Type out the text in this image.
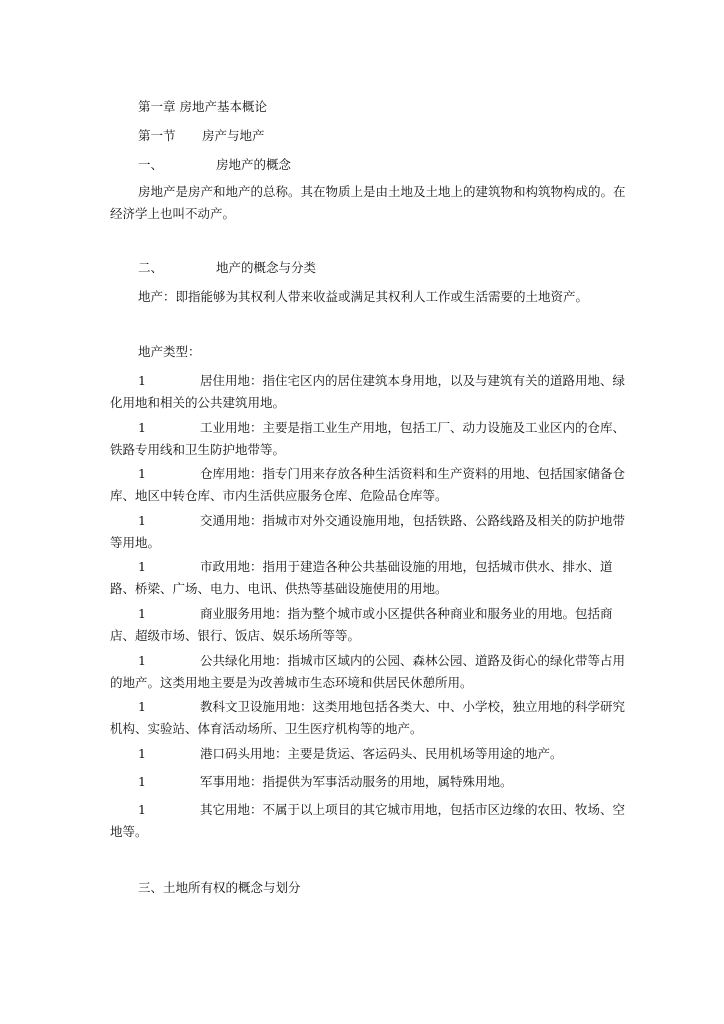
第一章 房地产基本概论
第一节 房产与地产
一、	房地产的概念

房地产是房产和地产的总称。其在物质上是由土地及土地上的建筑物和构筑物构成的。在经济学上也叫不动产。

二、	地产的概念与分类

地产：即指能够为其权利人带来收益或满足其权利人工作或生活需要的土地资产。

地产类型：

1	居住用地：指住宅区内的居住建筑本身用地，以及与建筑有关的道路用地、绿化用地和相关的公共建筑用地。

1	工业用地：主要是指工业生产用地，包括工厂、动力设施及工业区内的仓库、铁路专用线和卫生防护地带等。

1	仓库用地：指专门用来存放各种生活资料和生产资料的用地、包括国家储备仓库、地区中转仓库、市内生活供应服务仓库、危险品仓库等。

1	交通用地：指城市对外交通设施用地，包括铁路、公路线路及相关的防护地带等用地。

1	市政用地：指用于建造各种公共基础设施的用地，包括城市供水、排水、道路、桥梁、广场、电力、电讯、供热等基础设施使用的用地。

1	商业服务用地：指为整个城市或小区提供各种商业和服务业的用地。包括商店、超级市场、银行、饭店、娱乐场所等等。

1	公共绿化用地：指城市区域内的公园、森林公园、道路及街心的绿化带等占用的地产。这类用地主要是为改善城市生态环境和供居民休憩所用。

1	教科文卫设施用地：这类用地包括各类大、中、小学校，独立用地的科学研究机构、实验站、体育活动场所、卫生医疗机构等的地产。

1	港口码头用地：主要是货运、客运码头、民用机场等用途的地产。

1	军事用地：指提供为军事活动服务的用地，属特殊用地。

1	其它用地：不属于以上项目的其它城市用地，包括市区边缘的农田、牧场、空地等。

三、土地所有权的概念与划分
